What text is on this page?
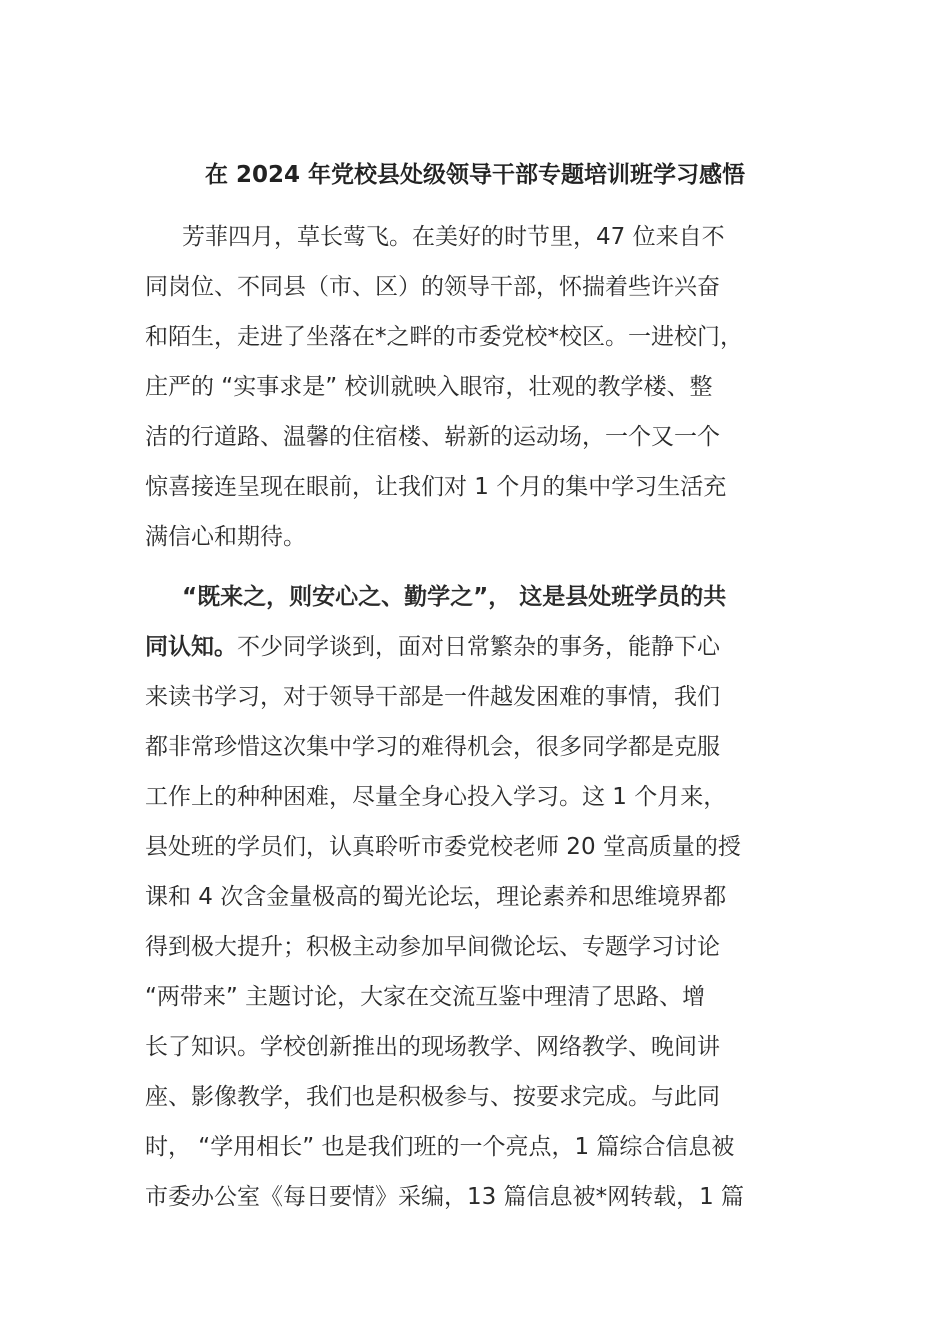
在 2024 年党校县处级领导干部专题培训班学习感悟
芳菲四月，草长莺飞。在美好的时节里，47 位来自不
同岗位、不同县（市、区）的领导干部，怀揣着些许兴奋
和陌生，走进了坐落在*之畔的市委党校*校区。一进校门，
庄严的 “实事求是” 校训就映入眼帘，壮观的教学楼、整
洁的行道路、温馨的住宿楼、崭新的运动场，一个又一个
惊喜接连呈现在眼前，让我们对 1 个月的集中学习生活充
满信心和期待。
“既来之，则安心之、勤学之”， 这是县处班学员的共
同认知。不少同学谈到，面对日常繁杂的事务，能静下心
来读书学习，对于领导干部是一件越发困难的事情，我们
都非常珍惜这次集中学习的难得机会，很多同学都是克服
工作上的种种困难，尽量全身心投入学习。这 1 个月来，
县处班的学员们，认真聆听市委党校老师 20 堂高质量的授
课和 4 次含金量极高的蜀光论坛，理论素养和思维境界都
得到极大提升；积极主动参加早间微论坛、专题学习讨论
“两带来” 主题讨论，大家在交流互鉴中理清了思路、增
长了知识。学校创新推出的现场教学、网络教学、晚间讲
座、影像教学，我们也是积极参与、按要求完成。与此同
时， “学用相长” 也是我们班的一个亮点，1 篇综合信息被
市委办公室《每日要情》采编，13 篇信息被*网转载，1 篇
